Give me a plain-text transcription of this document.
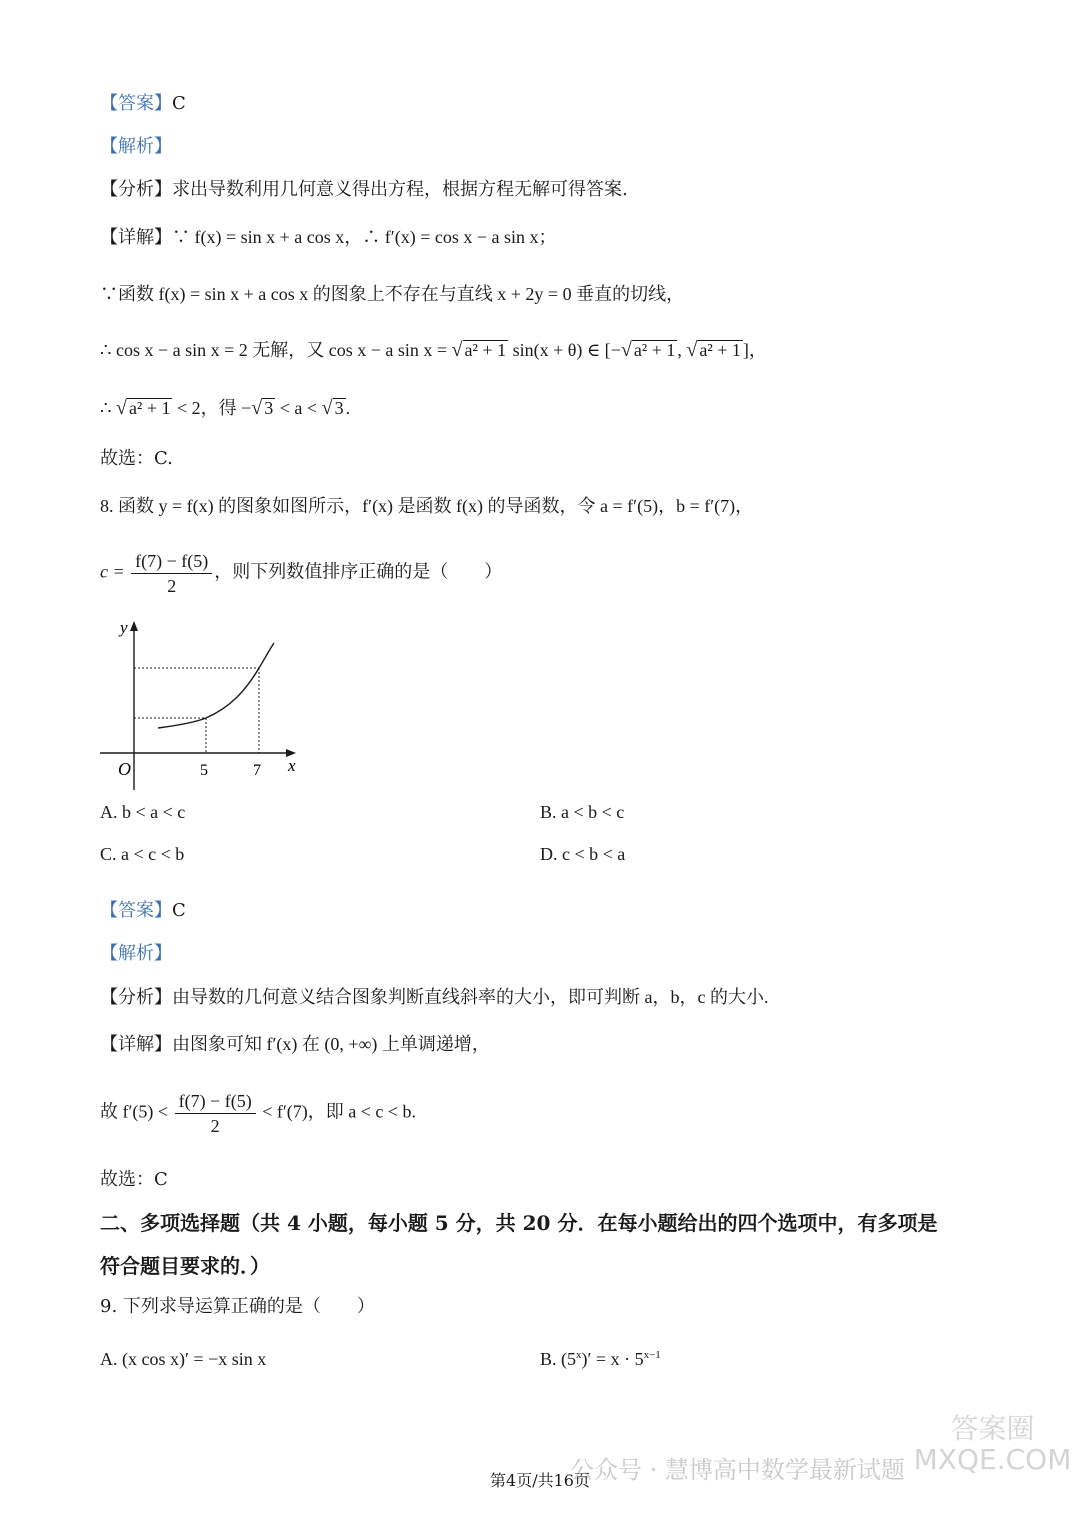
【答案】C
【解析】
【分析】求出导数利用几何意义得出方程，根据方程无解可得答案.
【详解】∵ f(x) = sin x + a cos x，∴ f′(x) = cos x − a sin x；
∵函数 f(x) = sin x + a cos x 的图象上不存在与直线 x + 2y = 0 垂直的切线，
∴ cos x − a sin x = 2 无解，又 cos x − a sin x = √ a² + 1 sin(x + θ) ∈ [−√ a² + 1 , √ a² + 1 ]，
∴ √ a² + 1 < 2，得 −√ 3 < a < √ 3 .
故选：C.
8. 函数 y = f(x) 的图象如图所示，f′(x) 是函数 f(x) 的导函数，令 a = f′(5)，b = f′(7)，
$c = \frac{f(7) - f(5)}{2}$ ，则下列数值排序正确的是（　　）
y
x
O	5	7
A. b < a < c	B. a < b < c
C. a < c < b	D. c < b < a
【答案】C
【解析】
【分析】由导数的几何意义结合图象判断直线斜率的大小，即可判断 a，b，c 的大小.
【详解】由图象可知 f′(x) 在 (0, +∞) 上单调递增，
故 $f'(5) < \frac{f(7) - f(5)}{2} < f'(7)$，即 a < c < b.
故选：C
二、多项选择题（共 4 小题，每小题 5 分，共 20 分．在每小题给出的四个选项中，有多项是
符合题目要求的．）
9. 下列求导运算正确的是（　　）
A. (x cos x)′ = −x sin x	B. $(5^x)' = x \cdot 5^{x-1}$
公众号 · 慧博高中数学最新试题
答案圈 MXQE.COM
第4页/共16页
